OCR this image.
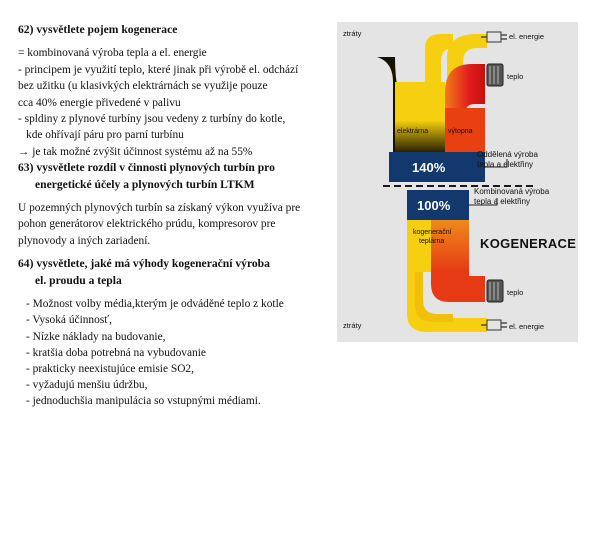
62) vysvětlete pojem kogenerace

= kombinovaná výroba tepla a el. energie

- principem je využití teplo, které jinak při výrobě el. odchází

bez užitku (u klasivkých elektrárnách se využije pouze

cca 40% energie přivedené v palivu

- spldiny z plynové turbíny jsou vedeny z turbíny do kotle,

kde ohřívají páru pro parní turbínu

→ je tak možné zvýšit účinnost systému až na 55%

63) vysvětlete rozdíl v činnosti plynových turbín pro

energetické účely a plynových turbín LTKM

U pozemných plynových turbín sa získaný výkon využíva pre

pohon generátorov elektrického prúdu, kompresorov pre

plynovody a iných zariadení.

64) vysvětlete, jaké má výhody kogenerační výroba

el. proudu a tepla

- Možnost volby média,kterým je odváděné teplo z kotle
- Vysoká účinnosť,
- Nízke náklady na budovanie,
- kratšia doba potrebná na vybudovanie
- prakticky neexistujúce emisie SO2,
- vyžadujú menšiu údržbu,
- jednoduchšia manipulácia so vstupnými médiami.
ztráty	el. energie
teplo
elektrárna	výtopna
140%
Oddělená výroba
tepla a elektřiny
100%
Kombinovaná výroba
tepla a elektřiny
kogenerační
teplárna
teplo
ztráty	el. energie
KOGENERACE
